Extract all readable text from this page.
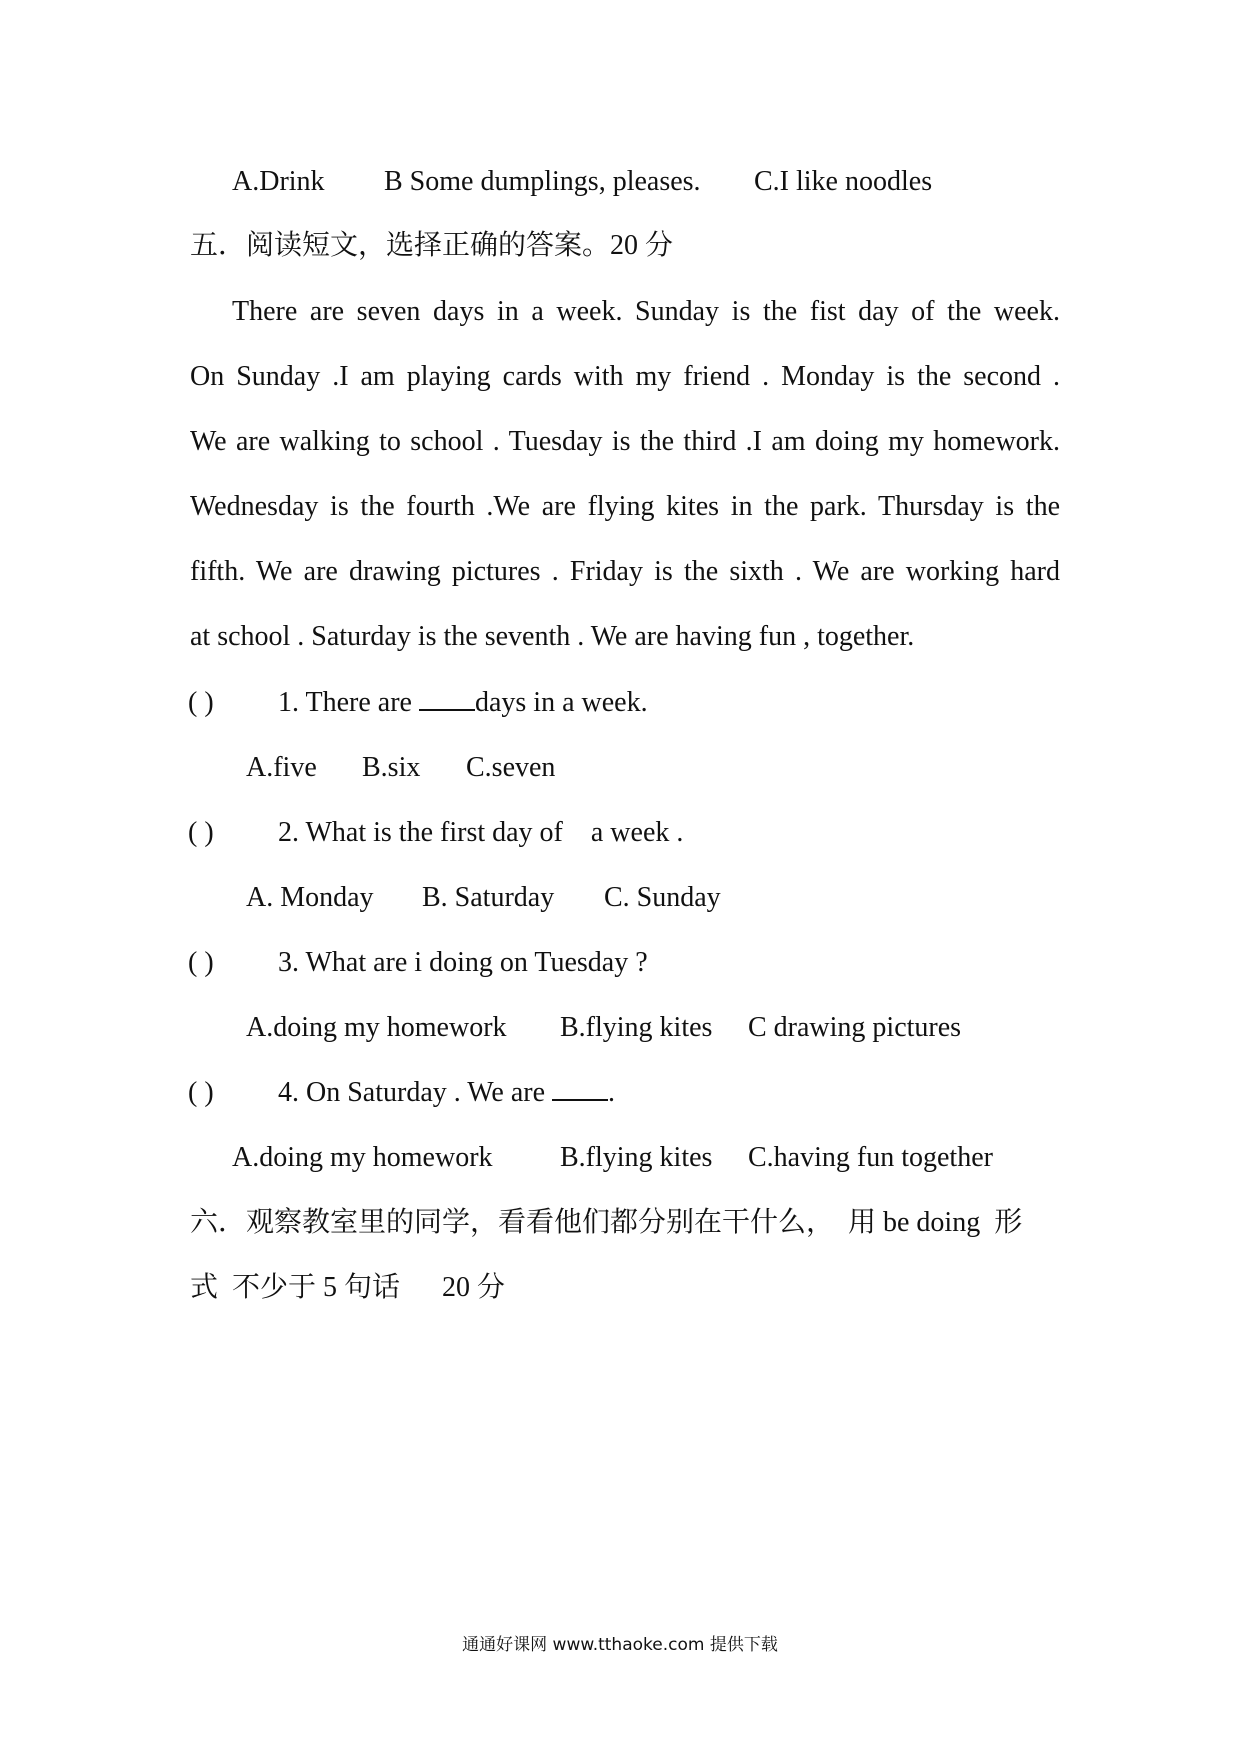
A.Drink B Some dumplings, pleases. C.I like noodles
五．阅读短文，选择正确的答案。20 分
There are seven days in a week. Sunday is the fist day of the week.
On Sunday .I am playing cards with my friend . Monday is the second .
We are walking to school . Tuesday is the third .I am doing my homework.
Wednesday is the fourth .We are flying kites in the park. Thursday is the
fifth. We are drawing pictures . Friday is the sixth . We are working hard
at school . Saturday is the seventh . We are having fun , together.
( ) 1. There are days in a week.
A.five B.six C.seven
( ) 2. What is the first day of    a week .
A. Monday B. Saturday C. Sunday
( ) 3. What are i doing on Tuesday ?
A.doing my homework B.flying kites C drawing pictures
( ) 4. On Saturday . We are .
A.doing my homework B.flying kites C.having fun together
六．观察教室里的同学，看看他们都分别在干什么，  用 be doing  形
式  不少于 5 句话      20 分
通通好课网 www.tthaoke.com 提供下载
